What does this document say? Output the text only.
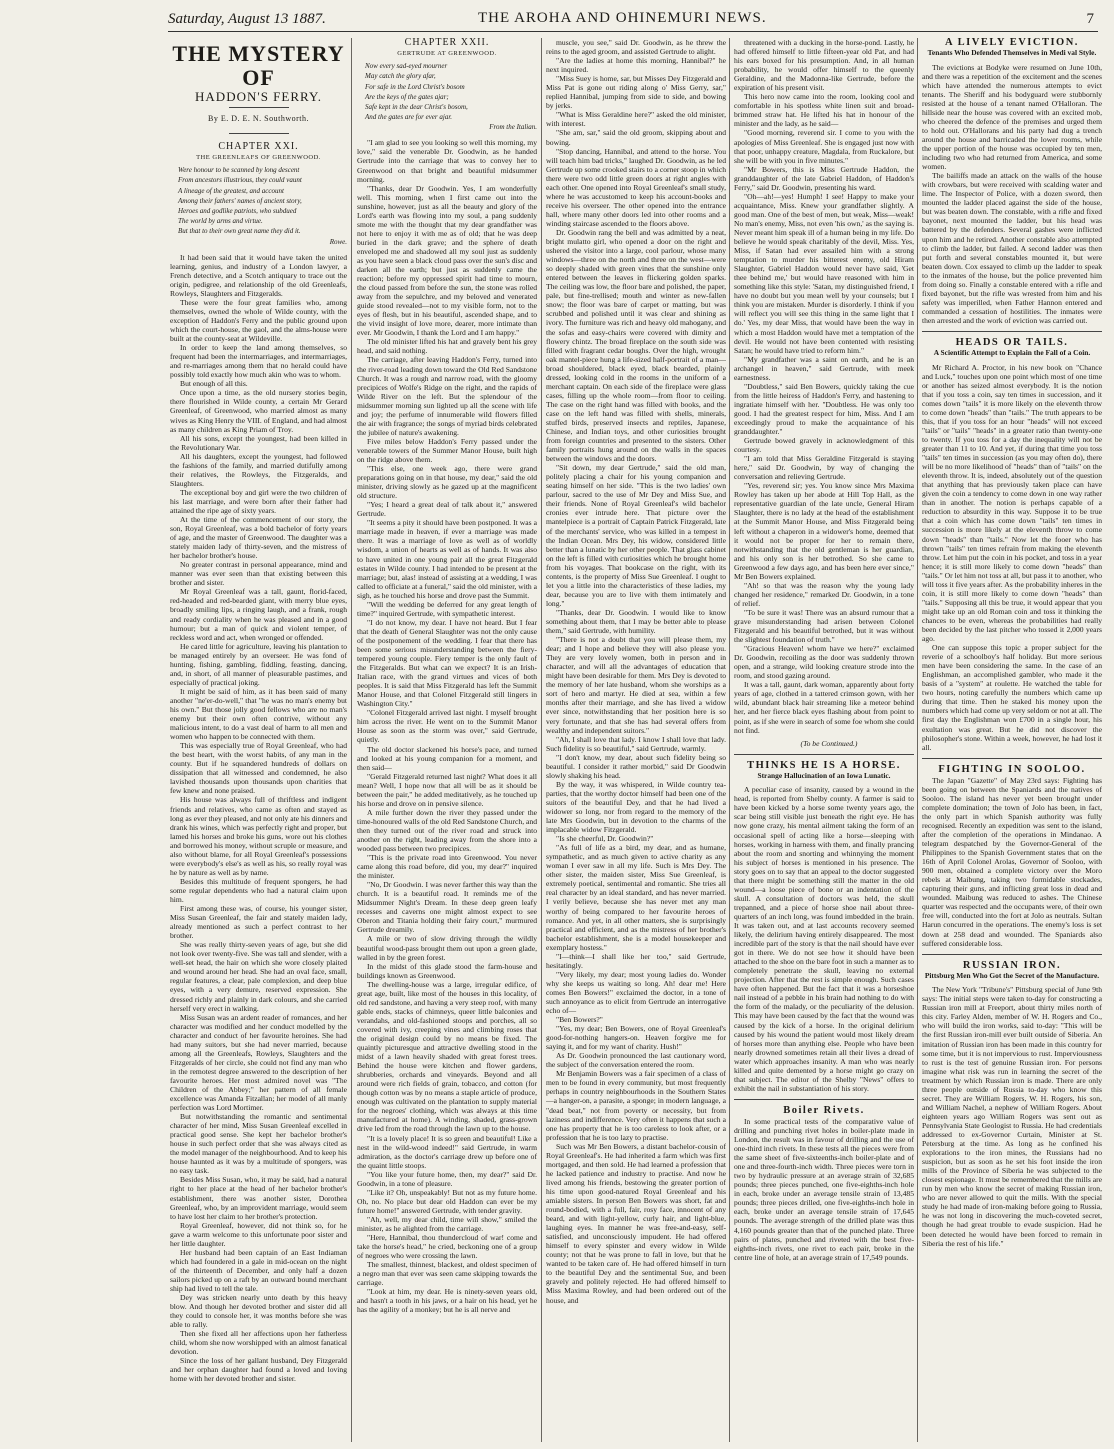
Saturday, August 13 1887.	THE AROHA AND OHINEMURI NEWS.	7
THE MYSTERY OF
HADDON'S FERRY.
By E. D. E. N. Southworth.
CHAPTER XXI.
THE GREENLEAFS OF GREENWOOD.

Were honour to be scanned by long descent

From ancestors illustrious, they could vaunt

A lineage of the greatest, and account

Among their fathers' names of ancient story,

Heroes and godlike patriots, who subdued

The world by arms and virtue.

But that to their own great name they did it.

Rowe.

It had been said that it would have taken the united learning, genius, and industry of a London lawyer, a French detective, and a Scotch antiquary to trace out the origin, pedigree, and relationship of the old Greenleafs, Rowleys, Slaughters and Fitzgeralds.

These were the four great families who, among themselves, owned the whole of Wilde county, with the exception of Haddon's Ferry and the public ground upon which the court-house, the gaol, and the alms-house were built at the county-seat at Wildeville.

In order to keep the land among themselves, so frequent had been the intermarriages, and intermarriages, and re-marriages among them that no herald could have possibly told exactly how much akin who was to whom.

But enough of all this.

Once upon a time, as the old nursery stories begin, there flourished in Wilde county, a certain Mr Gerard Greenleaf, of Greenwood, who married almost as many wives as King Henry the VIII. of England, and had almost as many children as King Priam of Troy.

All his sons, except the youngest, had been killed in the Revolutionary War.

All his daughters, except the youngest, had followed the fashions of the family, and married dutifully among their relatives, the Rowleys, the Fitzgeralds, and Slaughters.

The exceptional boy and girl were the two children of his last marriage, and were born after their father had attained the ripe age of sixty years.

At the time of the commencement of our story, the son, Royal Greenleaf, was a bold bachelor of forty years of age, and the master of Greenwood. The daughter was a stately maiden lady of thirty-seven, and the mistress of her bachelor brother's house.

No greater contrast in personal appearance, mind and manner was ever seen than that existing between this brother and sister.

Mr Royal Greenleaf was a tall, gaunt, florid-faced, red-headed and red-bearded giant, with merry blue eyes, broadly smiling lips, a ringing laugh, and a frank, rough and ready cordiality when he was pleased and in a good humour; but a man of quick and violent temper, of reckless word and act, when wronged or offended.

He cared little for agriculture, leaving his plantation to be managed entirely by an overseer. He was fond of hunting, fishing, gambling, fiddling, feasting, dancing, and, in short, of all manner of pleasurable pastimes, and especially of practical joking.

It might be said of him, as it has been said of many another "ne'er-do-well," that "he was no man's enemy but his own." But those jolly good fellows who are no man's enemy but their own often contrive, without any malicious intent, to do a vast deal of harm to all men and women who happen to be connected with them.

This was especially true of Royal Greenleaf, who had the best heart, with the worst habits, of any man in the county. But if he squandered hundreds of dollars on dissipation that all witnessed and condemned, he also lavished thousands upon thousands upon charities that few knew and none praised.

His house was always full of thriftless and indigent friends and relatives, who came as often and stayed as long as ever they pleased, and not only ate his dinners and drank his wines, which was perfectly right and proper, but lamed his horses and broke his guns, wore out his clothes and borrowed his money, without scruple or measure, and also without blame, for all Royal Greenleaf's possessions were everybody's else's as well as his, so really royal was he by nature as well as by name.

Besides this multitude of frequent spongers, he had some regular dependents who had a natural claim upon him.

First among these was, of course, his younger sister, Miss Susan Greenleaf, the fair and stately maiden lady, already mentioned as such a perfect contrast to her brother.

She was really thirty-seven years of age, but she did not look over twenty-five. She was tall and slender, with a well-set head, the hair on which she wore closely plaited and wound around her head. She had an oval face, small, regular features, a clear, pale complexion, and deep blue eyes, with a very demure, reserved expression. She dressed richly and plainly in dark colours, and she carried herself very erect in walking.

Miss Susan was an ardent reader of romances, and her character was modified and her conduct modelled by the character and conduct of her favourite heroines. She had had many suitors, but she had never married, because among all the Greenleafs, Rowleys, Slaughters and the Fitzgeralds of her circle, she could not find any man who in the remotest degree answered to the description of her favourite heroes. Her most admired novel was "The Children of the Abbey;" her pattern of all female excellence was Amanda Fitzallan; her model of all manly perfection was Lord Mortimer.

But notwithstanding the romantic and sentimental character of her mind, Miss Susan Greenleaf excelled in practical good sense. She kept her bachelor brother's house in such perfect order that she was always cited as the model manager of the neighbourhood. And to keep his house haunted as it was by a multitude of spongers, was no easy task.

Besides Miss Susan, who, it may be said, had a natural right to her place at the head of her bachelor brother's establishment, there was another sister, Dorothea Greenleaf, who, by an improvident marriage, would seem to have lost her claim to her brother's protection.

Royal Greenleaf, however, did not think so, for he gave a warm welcome to this unfortunate poor sister and her little daughter.

Her husband had been captain of an East Indiaman which had foundered in a gale in mid-ocean on the night of the thirteenth of December, and only half a dozen sailors picked up on a raft by an outward bound merchant ship had lived to tell the tale.

Dey was stricken nearly unto death by this heavy blow. And though her devoted brother and sister did all they could to console her, it was months before she was able to rally.

Then she fixed all her affections upon her fatherless child, whom she now worshipped with an almost fanatical devotion.

Since the loss of her gallant husband, Dey Fitzgerald and her orphan daughter had found a loved and loving home with her devoted brother and sister.

CHAPTER XXII.
GERTRUDE AT GREENWOOD.

Now every sad-eyed mourner

May catch the glory afar,

For safe in the Lord Christ's bosom

Are the keys of the gates ajar;

Safe kept in the dear Christ's bosom,

And the gates are for ever ajar.

From the Italian.

"I am glad to see you looking so well this morning, my love," said the venerable Dr. Goodwin, as he handed Gertrude into the carriage that was to convey her to Greenwood on that bright and beautiful midsummer morning.

"Thanks, dear Dr Goodwin. Yes, I am wonderfully well. This morning, when I first came out into the sunshine, however, just as all the beauty and glory of the Lord's earth was flowing into my soul, a pang suddenly smote me with the thought that my dear grandfather was not here to enjoy it with me as of old; that he was deep buried in the dark grave; and the sphere of death enveloped me and shadowed all my soul just as suddenly as you have seen a black cloud pass over the sun's disc and darken all the earth; but just as suddenly came the reaction; before my oppressed spirit had time to mourn, the cloud passed from before the sun, the stone was rolled away from the sepulchre, and my beloved and venerated guide stood revealed—not to my visible form, not to the eyes of flesh, but in his beautiful, ascended shape, and to the vivid insight of love more, dearer, more intimate than ever. Mr Goodwin, I thank the Lord and I am happy."

The old minister lifted his hat and gravely bent his grey head, and said nothing.

The carriage, after leaving Haddon's Ferry, turned into the river-road leading down toward the Old Red Sandstone Church. It was a rough and narrow road, with the gloomy precipices of Wolfe's Ridge on the right, and the rapids of Wilde River on the left. But the splendour of the midsummer morning sun lighted up all the scene with life and joy; the perfume of innumerable wild flowers filled the air with fragrance; the songs of myriad birds celebrated the jubilee of nature's awakening.

Five miles below Haddon's Ferry passed under the venerable towers of the Summer Manor House, built high on the ridge above them.

"This else, one week ago, there were grand preparations going on in that house, my dear," said the old minister, driving slowly as he gazed up at the magnificent old structure.

"Yes; I heard a great deal of talk about it," answered Gertrude.

"It seems a pity it should have been postponed. It was a marriage made in heaven, if ever a marriage was made there. It was a marriage of love as well as of worldly wisdom, a union of hearts as well as of hands. It was also to have united in one young pair all the great Fitzgerald estates in Wilde county. I had intended to be present at the marriage; but, alas! instead of assisting at a wedding, I was called to officiate at a funeral," said the old minister, with a sigh, as he touched his horse and drove past the Summit.

"Will the wedding be deferred for any great length of time?" inquired Gertrude, with sympathetic interest.

"I do not know, my dear. I have not heard. But I fear that the death of General Slaughter was not the only cause of the postponement of the wedding. I fear that there has been some serious misunderstanding between the fiery-tempered young couple. Fiery temper is the only fault of the Fitzgeralds. But what can we expect? It is an Irish-Italian race, with the grand virtues and vices of both peoples. It is said that Miss Fitzgerald has left the Summit Manor House, and that Colonel Fitzgerald still lingers in Washington City."

"Colonel Fitzgerald arrived last night. I myself brought him across the river. He went on to the Summit Manor House as soon as the storm was over," said Gertrude, quietly.

The old doctor slackened his horse's pace, and turned and looked at his young companion for a moment, and then said—

"Gerald Fitzgerald returned last night? What does it all mean? Well, I hope now that all will be as it should be between the pair," he added meditatively, as he touched up his horse and drove on in pensive silence.

A mile further down the river they passed under the time-honoured walls of the old Red Sandstone Church, and then they turned out of the river road and struck into another on the right, leading away from the shore into a wooded pass between two precipices.

"This is the private road into Greenwood. You never came along this road before, did you, my dear?" inquired the minister.

"No, Dr Goodwin. I was never farther this way than the church. It is a beautiful road. It reminds me of the Midsummer Night's Dream. In these deep green leafy recesses and caverns one might almost expect to see Oberon and Titania holding their fairy court," murmured Gertrude dreamily.

A mile or two of slow driving through the wildly beautiful wood-pass brought them out upon a green glade, walled in by the green forest.

In the midst of this glade stood the farm-house and buildings known as Greenwood.

The dwelling-house was a large, irregular edifice, of great age, built, like most of the houses in this locality, of old red sandstone, and having a very steep roof, with many gable ends, stacks of chimneys, queer little balconies and verandahs, and old-fashioned stoops and porches, all so covered with ivy, creeping vines and climbing roses that the original design could by no means be fixed. The quaintly picturesque and attractive dwelling stood in the midst of a lawn heavily shaded with great forest trees. Behind the house were kitchen and flower gardens, shrubberies, orchards and vineyards. Beyond and all around were rich fields of grain, tobacco, and cotton (for though cotton was by no means a staple article of produce, enough was cultivated on the plantation to supply material for the negroes' clothing, which was always at this time manufactured at home). A winding, shaded, grass-grown drive led from the road through the lawn up to the house.

"It is a lovely place! It is so green and beautiful! Like a nest in the wild-wood indeed!" said Gertrude, in warm admiration, as the doctor's carriage drew up before one of the quaint little stoops.

"You like your future home, then, my dear?" said Dr. Goodwin, in a tone of pleasure.

"Like it? Oh, unspeakably! But not as my future home. Oh, no. No place but dear old Haddon can ever be my future home!" answered Gertrude, with tender gravity.

"Ah, well, my dear child, time will show," smiled the minister, as he alighted from the carriage.

"Here, Hannibal, thou thundercloud of war! come and take the horse's head," he cried, beckoning one of a group of negroes who were crossing the lawn.

The smallest, thinnest, blackest, and oldest specimen of a negro man that ever was seen came skipping towards the carriage.

"Look at him, my dear. He is ninety-seven years old, and hasn't a tooth in his jaws, or a hair on his head, yet he has the agility of a monkey; but he is all nerve and

muscle, you see," said Dr. Goodwin, as he threw the reins to the aged groom, and assisted Gertrude to alight.

"Are the ladies at home this morning, Hannibal?" he next inquired.

"Miss Suey is home, sar, but Misses Dey Fitzgerald and Miss Pat is gone out riding along o' Miss Gerry, sar," replied Hannibal, jumping from side to side, and bowing by jerks.

"What is Miss Geraldine here?" asked the old minister, with interest.

"She am, sar," said the old groom, skipping about and bowing.

"Stop dancing, Hannibal, and attend to the horse. You will teach him bad tricks," laughed Dr. Goodwin, as he led Gertrude up some crooked stairs to a corner stoop in which there were two odd little green doors at right angles with each other. One opened into Royal Greenleaf's small study, where he was accustomed to keep his account-books and receive his overseer. The other opened into the entrance hall, where many other doors led into other rooms and a winding staircase ascended to the floors above.

Dr. Goodwin rang the bell and was admitted by a neat, bright mulatto girl, who opened a door on the right and ushered the visitor into a large, cool parlour, whose many windows—three on the north and three on the west—were so deeply shaded with green vines that the sunshine only entered between the leaves in flickering golden sparks. The ceiling was low, the floor bare and polished, the paper, pale, but fine-trellised; mouth and winter as new-fallen snow; the floor was bare of carpet or matting, but was scrubbed and polished until it was clear and shining as ivory. The furniture was rich and heavy old mahogany, and the sofas and easy-chairs were covered with dimity and flowery chintz. The broad fireplace on the south side was filled with fragrant cedar boughs. Over the high, wrought oak mantel-piece hung a life-sized half-portrait of a man—broad shouldered, black eyed, black bearded, plainly dressed, looking cold in the rooms in the uniform of a merchant captain. On each side of the fireplace were glass cases, filling up the whole room—from floor to ceiling. The case on the right hand was filled with books, and the case on the left hand was filled with shells, minerals, stuffed birds, preserved insects and reptiles, Japanese, Chinese, and Indian toys, and other curiosities brought from foreign countries and presented to the sisters. Other family portraits hung around on the walls in the spaces between the windows and the doors.

"Sit down, my dear Gertrude," said the old man, politely placing a chair for his young companion and seating himself on her side. "This is the two ladies' own parlour, sacred to the use of Mr Dey and Miss Sue, and their friends. None of Royal Greenleaf's wild bachelor cronies ever intrude here. That picture over the mantelpiece is a portrait of Captain Patrick Fitzgerald, late of the merchants' service, who was killed in a tempest in the Indian Ocean. Mrs Dey, his widow, considered little better than a lunatic by her other people. That glass cabinet on the left is filled with curiosities which he brought home from his voyages. That bookcase on the right, with its contents, is the property of Miss Sue Greenleaf. I ought to let you a little into the characteristics of these ladies, my dear, because you are to live with them intimately and long."

"Thanks, dear Dr. Goodwin. I would like to know something about them, that I may be better able to please them," said Gertrude, with humility.

"There is not a doubt that you will please them, my dear; and I hope and believe they will also please you. They are very lovely women, both in person and in character, and will all the advantages of education that might have been desirable for them. Mrs Dey is devoted to the memory of her late husband, whom she worships as a sort of hero and martyr. He died at sea, within a few months after their marriage, and she has lived a widow ever since, notwithstanding that her position here is so very fortunate, and that she has had several offers from wealthy and independent suitors."

"Ah, I shall love that lady. I know I shall love that lady. Such fidelity is so beautiful," said Gertrude, warmly.

"I don't know, my dear, about such fidelity being so beautiful. I consider it rather morbid," said Dr Goodwin slowly shaking his head.

By the way, it was whispered, in Wilde country tea-parties, that the worthy doctor himself had been one of the suitors of the beautiful Dey, and that he had lived a widower so long, nor from regard to the memory of the late Mrs Goodwin, but in devotion to the charms of the implacable widow Fitzgerald.

"Is she cheerful, Dr. Goodwin?"

"As full of life as a bird, my dear, and as humane, sympathetic, and as much given to active charity as any woman I ever saw in all my life. Such is Mrs Dey. The other sister, the maiden sister, Miss Sue Greenleaf, is extremely poetical, sentimental and romantic. She tries all real character by an ideal standard, and has never married. I verily believe, because she has never met any man worthy of being compared to her favourite heroes of romance. And yet, in all other matters, she is surprisingly practical and efficient, and as the mistress of her brother's bachelor establishment, she is a model housekeeper and exemplary hostess."

"I—think—I shall like her too," said Gertrude, hesitatingly.

"Very likely, my dear; most young ladies do. Wonder why she keeps us waiting so long. Ah! dear me! Here comes Ben Bowers!" exclaimed the doctor, in a tone of such annoyance as to elicit from Gertrude an interrogative echo of—

"Ben Bowers?"

"Yes, my dear; Ben Bowers, one of Royal Greenleaf's good-for-nothing hangers-on. Heaven forgive me for saying it, and for my want of charity. Hush!"

As Dr. Goodwin pronounced the last cautionary word, the subject of the conversation entered the room.

Mr Benjamin Bowers was a fair specimen of a class of men to be found in every community, but most frequently perhaps in country neighbourhoods in the Southern States—a hanger-on, a parasite, a sponge; in modern language, a "dead beat," not from poverty or necessity, but from laziness and indifference. Very often it happens that such a one has property that he is too careless to look after, or a profession that he is too lazy to practise.

Such was Mr Ben Bowers, a distant bachelor-cousin of Royal Greenleaf's. He had inherited a farm which was first mortgaged, and then sold. He had learned a profession that he lacked patience and industry to practise. And now he lived among his friends, bestowing the greater portion of his time upon good-natured Royal Greenleaf and his amiable sisters. In person Ben Bowers was short, fat and round-bodied, with a full, fair, rosy face, innocent of any beard, and with light-yellow, curly hair, and light-blue, laughing eyes. In manner he was free-and-easy, self-satisfied, and unconsciously impudent. He had offered himself to every spinster and every widow in Wilde county; not that he was prone to fall in love, but that he wanted to be taken care of. He had offered himself in turn to the beautiful Dey and the sentimental Sue, and been gravely and politely rejected. He had offered himself to Miss Maxima Rowley, and had been ordered out of the house, and

threatened with a ducking in the horse-pond. Lastly, he had offered himself to little fifteen-year old Pat, and had his ears boxed for his presumption. And, in all human probability, he would offer himself to the queenly Geraldine, and the Madonna-like Gertrude, before the expiration of his present visit.

This hero now came into the room, looking cool and comfortable in his spotless white linen suit and broad-brimmed straw hat. He lifted his hat in honour of the minister and the lady, as he said—

"Good morning, reverend sir. I come to you with the apologies of Miss Greenleaf. She is engaged just now with that poor, unhappy creature, Magdala, from Ruckalore, but she will be with you in five minutes."

"Mr Bowers, this is Miss Gertrude Haddon, the granddaughter of the late Gabriel Haddon, of Haddon's Ferry," said Dr. Goodwin, presenting his ward.

"Oh—ah!—yes! Humph! I see! Happy to make your acquaintance, Miss. Knew your grandfather slightly. A good man. One of the best of men, but weak, Miss—weak! No man's enemy, Miss, not even 'his own,' as the saying is. Never meant him speak ill of a human being in my life. Do believe he would speak charitably of the devil, Miss. Yes, Miss, if Satan had ever assailed him with a strong temptation to murder his bitterest enemy, old Hiram Slaughter, Gabriel Haddon would never have said, 'Get thee behind me,' but would have reasoned with him in something like this style: 'Satan, my distinguished friend, I have no doubt but you mean well by your counsels; but I think you are mistaken. Murder is disorderly. I think if you will reflect you will see this thing in the same light that I do.' Yes, my dear Miss, that would have been the way in which a most Haddon would have met a temptation of the devil. He would not have been contented with resisting Satan; he would have tried to reform him."

"My grandfather was a saint on earth, and he is an archangel in heaven," said Gertrude, with meek earnestness.

"Doubtless," said Ben Bowers, quickly taking the cue from the little heiress of Haddon's Ferry, and hastening to ingratiate himself with her. "Doubtless. He was only too good. I had the greatest respect for him, Miss. And I am exceedingly proud to make the acquaintance of his granddaughter."

Gertrude bowed gravely in acknowledgment of this courtesy.

"I am told that Miss Geraldine Fitzgerald is staying here," said Dr. Goodwin, by way of changing the conversation and relieving Gertrude.

"Yes, reverend sir; yes. You know since Mrs Maxima Rowley has taken up her abode at Hill Top Hall, as the representative guardian of the late uncle, General Hiram Slaughter, there is no lady at the head of the establishment at the Summit Manor House, and Miss Fitzgerald being left without a chaperon in a widower's home, deemed that it would not be proper for her to remain there, notwithstanding that the old gentleman is her guardian, and his only son is her betrothed. So she came to Greenwood a few days ago, and has been here ever since," Mr Ben Bowers explained.

"Ah! so that was the reason why the young lady changed her residence," remarked Dr. Goodwin, in a tone of relief.

"To be sure it was! There was an absurd rumour that a grave misunderstanding had arisen between Colonel Fitzgerald and his beautiful betrothed, but it was without the slightest foundation of truth."

"Gracious Heaven! whom have we here?" exclaimed Dr. Goodwin, recoiling as the door was suddenly thrown open, and a strange, wild looking creature strode into the room, and stood gazing around.

It was a tall, gaunt, dark woman, apparently about forty years of age, clothed in a tattered crimson gown, with her wild, abundant black hair streaming like a meteor behind her, and her fierce black eyes flashing about from point to point, as if she were in search of some foe whom she could not find.

(To be Continued.)

THINKS HE IS A HORSE.
Strange Hallucination of an Iowa Lunatic.

A peculiar case of insanity, caused by a wound in the head, is reported from Shelby county. A farmer is said to have been kicked by a horse some twenty years ago, the scar being still visible just beneath the right eye. He has now gone crazy, his mental ailment taking the form of an occasional spell of acting like a horse—sleeping with horses, working in harness with them, and finally prancing about the room and snorting and whinnying the moment his subject of horses is mentioned in his presence. The story goes on to say that an appeal to the doctor suggested that there might be something still the matter in the old wound—a loose piece of bone or an indentation of the skull. A consultation of doctors was held, the skull trepanned, and a piece of horse shoe nail about three-quarters of an inch long, was found imbedded in the brain. It was taken out, and at last accounts recovery seemed likely, the delirium having entirely disappeared. The most incredible part of the story is that the nail should have ever got in there. We do not see how it should have been attached to the shoe on the bare foot in such a manner as to completely penetrate the skull, leaving no external projection. After that the rest is simple enough. Such cases have often happened. But the fact that it was a horseshoe nail instead of a pebble in his brain had nothing to do with the form of the malady, or the peculiarity of the delusion. This may have been caused by the fact that the wound was caused by the kick of a horse. In the original delirium caused by his wound the patient would most likely dream of horses more than anything else. People who have been nearly drowned sometimes retain all their lives a dread of water which approaches insanity. A man who was nearly killed and quite demented by a horse might go crazy on that subject. The editor of the Shelby "News" offers to exhibit the nail in substantiation of his story.

Boiler Rivets.

In some practical tests of the comparative value of drilling and punching rivet holes in boiler-plate made in London, the result was in favour of drilling and the use of one-third inch rivets. In these tests all the pieces were from the same sheet of five-sixteenths-inch boiler-plate and of one and three-fourth-inch width. Three pieces were torn in two by hydraulic pressure at an average strain of 32,685 pounds; three pieces punched, one five-eighths-inch hole in each, broke under an average tensile strain of 13,485 pounds; three pieces drilled, one five-eighths-inch hole in each, broke under an average tensile strain of 17,645 pounds. The average strength of the drilled plate was thus 4,160 pounds greater than that of the punched plate. Three pairs of plates, punched and riveted with the best five-eighths-inch rivets, one rivet to each pair, broke in the centre line of hole, at an average strain of 17,549 pounds.

A LIVELY EVICTION.
Tenants Who Defended Themselves in Medi val Style.

The evictions at Bodyke were resumed on June 10th, and there was a repetition of the excitement and the scenes which have attended the numerous attempts to evict tenants. The Sheriff and his bodyguard were stubbornly resisted at the house of a tenant named O'Halloran. The hillside near the house was covered with an excited mob, who cheered the defence of the premises and urged them to hold out. O'Hallorans and his party had dug a trench around the house and barricaded the lower rooms, while the upper portion of the house was occupied by ten men, including two who had returned from America, and some women.

The bailiffs made an attack on the walls of the house with crowbars, but were received with scalding water and lime. The Inspector of Police, with a dozen sword, then mounted the ladder placed against the side of the house, but was beaten down. The constable, with a rifle and fixed bayonet, next mounted the ladder, but his head was battered by the defenders. Several gashes were inflicted upon him and he retired. Another constable also attempted to climb the ladder, but failed. A second ladder was then put forth and several constables mounted it, but were beaten down. Cox essayed to climb up the ladder to speak to the inmates of the house, but the police prevented him from doing so. Finally a constable entered with a rifle and fixed bayonet, but the rifle was wrested from him and his safety was imperilled, when Father Hannon entered and commanded a cessation of hostilities. The inmates were then arrested and the work of eviction was carried out.

HEADS OR TAILS.
A Scientific Attempt to Explain the Fall of a Coin.

Mr Richard A. Proctor, in his new book on "Chance and Luck," touches upon one point which most of one time or another has seized almost everybody. It is the notion that if you toss a coin, say ten times in succession, and it comes down "tails" it is more likely on the eleventh throw to come down "heads" than "tails." The truth appears to be this, that if you toss for an hour "heads" will not exceed "tails" or "tails" "heads" in a greater ratio than twenty-one to twenty. If you toss for a day the inequality will not be greater than 11 to 10. And yet, if during that time you toss "tails" ten times in succession (as you may often do), there will be no more likelihood of "heads" than of "tails" on the eleventh throw. It is, indeed, absolutely out of the question that anything that has previously taken place can have given the coin a tendency to come down in one way rather than in another. The notion is perhaps capable of a reduction to absurdity in this way. Suppose it to be true that a coin which has come down "tails" ten times in succession is more likely at the eleventh throw to come down "heads" than "tails." Now let the fooer who has thrown "tails" ten times refrain from making the eleventh throw. Let him put the coin in his pocket, and toss in a year hence; it is still more likely to come down "heads" than "tails." Or let him not toss at all, but pass it to another, who will toss it five years after. As the probability inheres in the coin, it is still more likely to come down "heads" than "tails." Supposing all this be true, it would appear that you might take up an old Roman coin and toss it thinking the chances to be even, whereas the probabilities had really been decided by the last pitcher who tossed it 2,000 years ago.

One can suppose this topic a proper subject for the reverie of a schoolboy's half holiday. But more serious men have been considering the same. In the case of an Englishman, an accomplished gambler, who made it the basis of a "system" at roulette. He watched the table for two hours, noting carefully the numbers which came up during that time. Then he staked his money upon the numbers which had come up very seldom or not at all. The first day the Englishman won £700 in a single hour, his exultation was great. But he did not discover the philosopher's stone. Within a week, however, he had lost it all.

FIGHTING IN SOOLOO.

The Japan "Gazette" of May 23rd says: Fighting has been going on between the Spaniards and the natives of Sooloo. The island has never yet been brought under complete domination; the town of Jolo has been, in fact, the only part in which Spanish authority was fully recognised. Recently an expedition was sent to the island, after the completion of the operations in Mindanao. A telegram despatched by the Governor-General of the Philippines to the Spanish Government states that on the 16th of April Colonel Arolas, Governor of Sooloo, with 900 men, obtained a complete victory over the Moro rebels at Maibung, taking two formidable stockades, capturing their guns, and inflicting great loss in dead and wounded. Maibung was reduced to ashes. The Chinese quarter was respected and the occupants were, of their own free will, conducted into the fort at Jolo as neutrals. Sultan Harun concurred in the operations. The enemy's loss is set down at 258 dead and wounded. The Spaniards also suffered considerable loss.

RUSSIAN IRON.
Pittsburg Men Who Got the Secret of the Manufacture.

The New York "Tribune's" Pittsburg special of June 9th says: The initial steps were taken to-day for constructing a Russian iron mill at Freeport, about thirty miles north of this city. Farley Alden, member of W. H. Rogers and Co., who will build the iron works, said to-day: "This will be the first Russian iron-mill ever built outside of Siberia. An imitation of Russian iron has been made in this country for some time, but it is not impervious to rust. Imperviousness to rust is the test of genuine Russian iron. For persons imagine what risk was run in learning the secret of the treatment by which Russian iron is made. There are only three people outside of Russia to-day who know this secret. They are William Rogers, W. H. Rogers, his son, and William Nachel, a nephew of William Rogers. About eighteen years ago William Rogers was sent out as Pennsylvania State Geologist to Russia. He had credentials addressed to ex-Governor Curtain, Minister at St. Petersburg at the time. As long as he confined his explorations to the iron mines, the Russians had no suspicion, but as soon as he set his foot inside the iron mills of the Province of Siberia he was subjected to the closest espionage. It must be remembered that the mills are run by men who know the secret of making Russian iron, who are never allowed to quit the mills. With the special study he had made of iron-making before going to Russia, he was not long in discovering the much-coveted secret, though he had great trouble to evade suspicion. Had he been detected he would have been forced to remain in Siberia the rest of his life."
